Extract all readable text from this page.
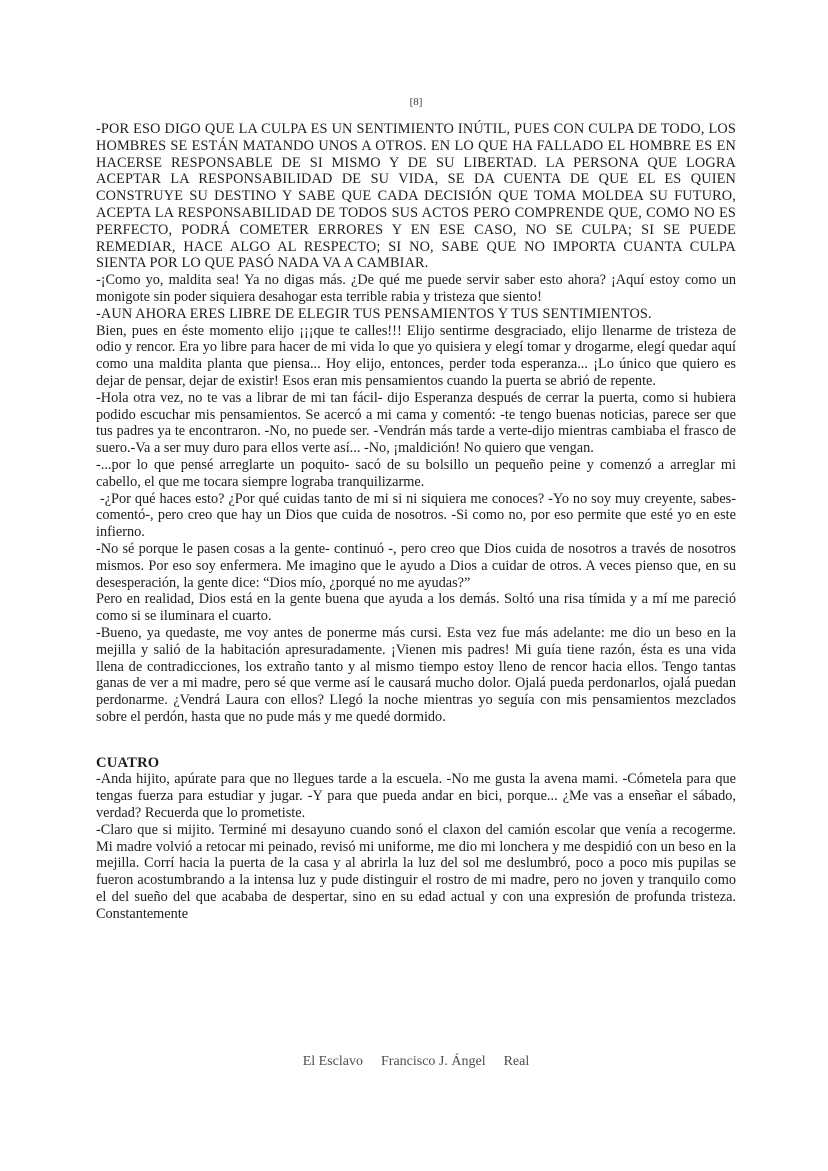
[8]

-POR ESO DIGO QUE LA CULPA ES UN SENTIMIENTO INÚTIL, PUES CON CULPA DE TODO, LOS HOMBRES SE ESTÁN MATANDO UNOS A OTROS. EN LO QUE HA FALLADO EL HOMBRE ES EN HACERSE RESPONSABLE DE SI MISMO Y DE SU LIBERTAD. LA PERSONA QUE LOGRA ACEPTAR LA RESPONSABILIDAD DE SU VIDA, SE DA CUENTA DE QUE EL ES QUIEN CONSTRUYE SU DESTINO Y SABE QUE CADA DECISIÓN QUE TOMA MOLDEA SU FUTURO, ACEPTA LA RESPONSABILIDAD DE TODOS SUS ACTOS PERO COMPRENDE QUE, COMO NO ES PERFECTO, PODRÁ COMETER ERRORES Y EN ESE CASO, NO SE CULPA; SI SE PUEDE REMEDIAR, HACE ALGO AL RESPECTO; SI NO, SABE QUE NO IMPORTA CUANTA CULPA SIENTA POR LO QUE PASÓ NADA VA A CAMBIAR.

-¡Como yo, maldita sea! Ya no digas más. ¿De qué me puede servir saber esto ahora? ¡Aquí estoy como un monigote sin poder siquiera desahogar esta terrible rabia y tristeza que siento!

-AUN AHORA ERES LIBRE DE ELEGIR TUS PENSAMIENTOS Y TUS SENTIMIENTOS.

Bien, pues en éste momento elijo ¡¡¡que te calles!!! Elijo sentirme desgraciado, elijo llenarme de tristeza de odio y rencor. Era yo libre para hacer de mi vida lo que yo quisiera y elegí tomar y drogarme, elegí quedar aquí como una maldita planta que piensa... Hoy elijo, entonces, perder toda esperanza... ¡Lo único que quiero es dejar de pensar, dejar de existir! Esos eran mis pensamientos cuando la puerta se abrió de repente.

-Hola otra vez, no te vas a librar de mi tan fácil- dijo Esperanza después de cerrar la puerta, como si hubiera podido escuchar mis pensamientos. Se acercó a mi cama y comentó: -te tengo buenas noticias, parece ser que tus padres ya te encontraron. -No, no puede ser. -Vendrán más tarde a verte-dijo mientras cambiaba el frasco de suero.-Va a ser muy duro para ellos verte así... -No, ¡maldición! No quiero que vengan.

-...por lo que pensé arreglarte un poquito- sacó de su bolsillo un pequeño peine y comenzó a arreglar mi cabello, el que me tocara siempre lograba tranquilizarme.

-¿Por qué haces esto? ¿Por qué cuidas tanto de mi si ni siquiera me conoces? -Yo no soy muy creyente, sabes- comentó-, pero creo que hay un Dios que cuida de nosotros. -Si como no, por eso permite que esté yo en este infierno.

-No sé porque le pasen cosas a la gente- continuó -, pero creo que Dios cuida de nosotros a través de nosotros mismos. Por eso soy enfermera. Me imagino que le ayudo a Dios a cuidar de otros. A veces pienso que, en su desesperación, la gente dice: “Dios mío, ¿porqué no me ayudas?”

Pero en realidad, Dios está en la gente buena que ayuda a los demás. Soltó una risa tímida y a mí me pareció como si se iluminara el cuarto.

-Bueno, ya quedaste, me voy antes de ponerme más cursi. Esta vez fue más adelante: me dio un beso en la mejilla y salió de la habitación apresuradamente. ¡Vienen mis padres! Mi guía tiene razón, ésta es una vida llena de contradicciones, los extraño tanto y al mismo tiempo estoy lleno de rencor hacia ellos. Tengo tantas ganas de ver a mi madre, pero sé que verme así le causará mucho dolor. Ojalá pueda perdonarlos, ojalá puedan perdonarme. ¿Vendrá Laura con ellos? Llegó la noche mientras yo seguía con mis pensamientos mezclados sobre el perdón, hasta que no pude más y me quedé dormido.

CUATRO

-Anda hijito, apúrate para que no llegues tarde a la escuela. -No me gusta la avena mami. -Cómetela para que tengas fuerza para estudiar y jugar. -Y para que pueda andar en bici, porque... ¿Me vas a enseñar el sábado, verdad? Recuerda que lo prometiste.

-Claro que si mijito. Terminé mi desayuno cuando sonó el claxon del camión escolar que venía a recogerme. Mi madre volvió a retocar mi peinado, revisó mi uniforme, me dio mi lonchera y me despidió con un beso en la mejilla. Corrí hacia la puerta de la casa y al abrirla la luz del sol me deslumbró, poco a poco mis pupilas se fueron acostumbrando a la intensa luz y pude distinguir el rostro de mi madre, pero no joven y tranquilo como el del sueño del que acababa de despertar, sino en su edad actual y con una expresión de profunda tristeza. Constantemente

El Esclavo Francisco J. Ángel Real
